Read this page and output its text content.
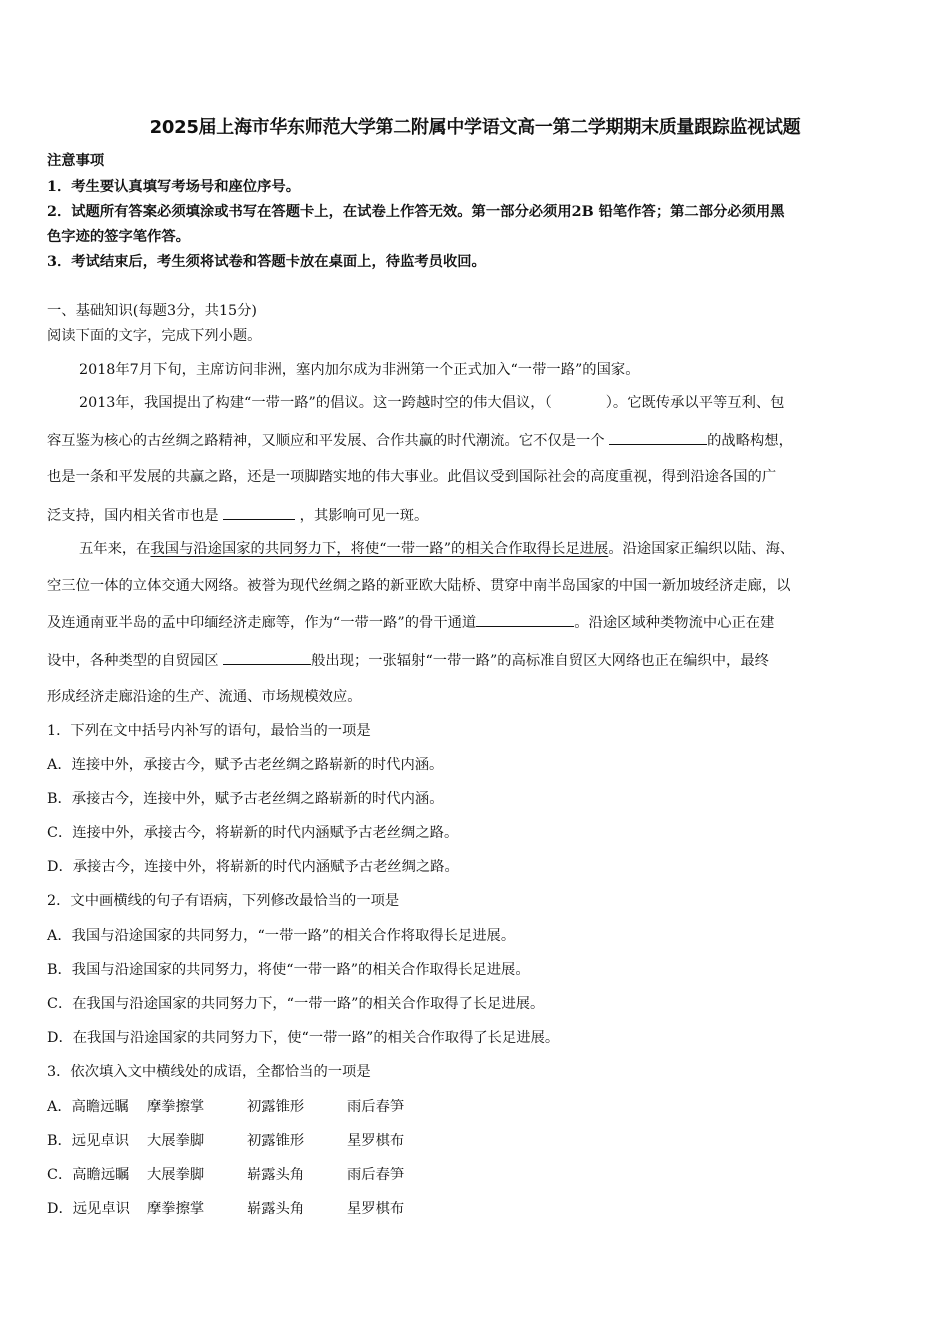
2025届上海市华东师范大学第二附属中学语文高一第二学期期末质量跟踪监视试题
注意事项
1．考生要认真填写考场号和座位序号。
2．试题所有答案必须填涂或书写在答题卡上，在试卷上作答无效。第一部分必须用2B 铅笔作答；第二部分必须用黑
色字迹的签字笔作答。
3．考试结束后，考生须将试卷和答题卡放在桌面上，待监考员收回。
一、基础知识(每题3分，共15分)
阅读下面的文字，完成下列小题。
2018年7月下旬，主席访问非洲，塞内加尔成为非洲第一个正式加入“一带一路”的国家。
2013年，我国提出了构建“一带一路”的倡议。这一跨越时空的伟大倡议，（	）。它既传承以平等互利、包
容互鉴为核心的古丝绸之路精神，又顺应和平发展、合作共赢的时代潮流。它不仅是一个	的战略构想，
也是一条和平发展的共赢之路，还是一项脚踏实地的伟大事业。此倡议受到国际社会的高度重视，得到沿途各国的广
泛支持，国内相关省市也是	，其影响可见一斑。
五年来，在我国与沿途国家的共同努力下，将使“一带一路”的相关合作取得长足进展。沿途国家正编织以陆、海、
空三位一体的立体交通大网络。被誉为现代丝绸之路的新亚欧大陆桥、贯穿中南半岛国家的中国一新加坡经济走廊，以
及连通南亚半岛的孟中印缅经济走廊等，作为“一带一路”的骨干通道	。沿途区域种类物流中心正在建
设中，各种类型的自贸园区	般出现；一张辐射“一带一路”的高标准自贸区大网络也正在编织中，最终
形成经济走廊沿途的生产、流通、市场规模效应。
1．下列在文中括号内补写的语句，最恰当的一项是
A．连接中外，承接古今，赋予古老丝绸之路崭新的时代内涵。
B．承接古今，连接中外，赋予古老丝绸之路崭新的时代内涵。
C．连接中外，承接古今，将崭新的时代内涵赋予古老丝绸之路。
D．承接古今，连接中外，将崭新的时代内涵赋予古老丝绸之路。
2．文中画横线的句子有语病，下列修改最恰当的一项是
A．我国与沿途国家的共同努力，“一带一路”的相关合作将取得长足进展。
B．我国与沿途国家的共同努力，将使“一带一路”的相关合作取得长足进展。
C．在我国与沿途国家的共同努力下，“一带一路”的相关合作取得了长足进展。
D．在我国与沿途国家的共同努力下，使“一带一路”的相关合作取得了长足进展。
3．依次填入文中横线处的成语，全都恰当的一项是
A．高瞻远瞩 摩拳擦掌	初露锥形	雨后春笋
B．远见卓识 大展拳脚	初露锥形	星罗棋布
C．高瞻远瞩 大展拳脚	崭露头角	雨后春笋
D．远见卓识 摩拳擦掌	崭露头角	星罗棋布
